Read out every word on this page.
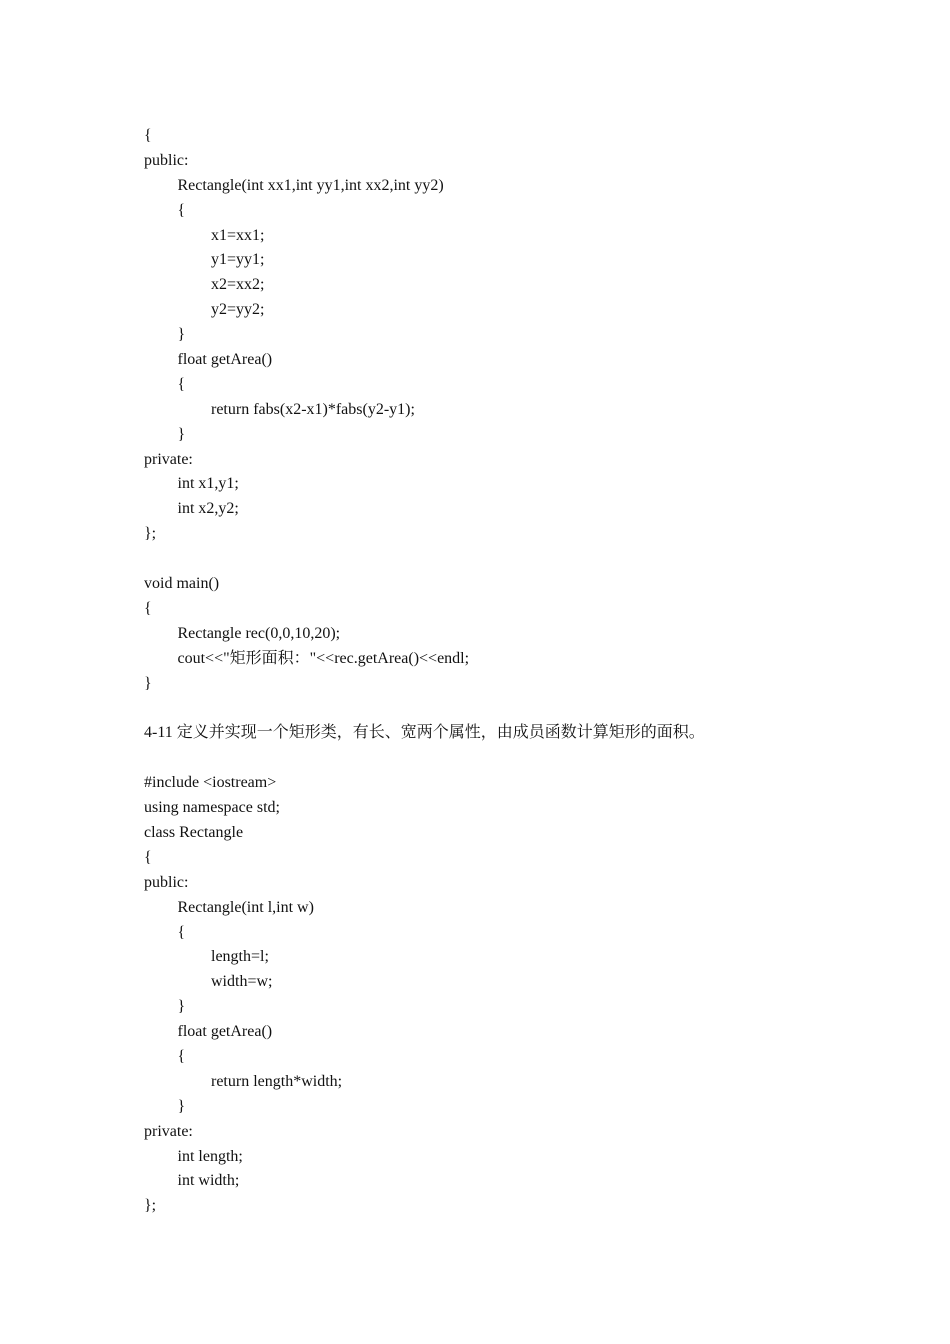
{
public:
Rectangle(int xx1,int yy1,int xx2,int yy2)
{
x1=xx1;
y1=yy1;
x2=xx2;
y2=yy2;
}
float getArea()
{
return fabs(x2-x1)*fabs(y2-y1);
}
private:
int x1,y1;
int x2,y2;
};
void main()
{
Rectangle rec(0,0,10,20);
cout<<"矩形面积："<<rec.getArea()<<endl;
}
4-11 定义并实现一个矩形类，有长、宽两个属性，由成员函数计算矩形的面积。
#include <iostream>
using namespace std;
class Rectangle
{
public:
Rectangle(int l,int w)
{
length=l;
width=w;
}
float getArea()
{
return length*width;
}
private:
int length;
int width;
};
